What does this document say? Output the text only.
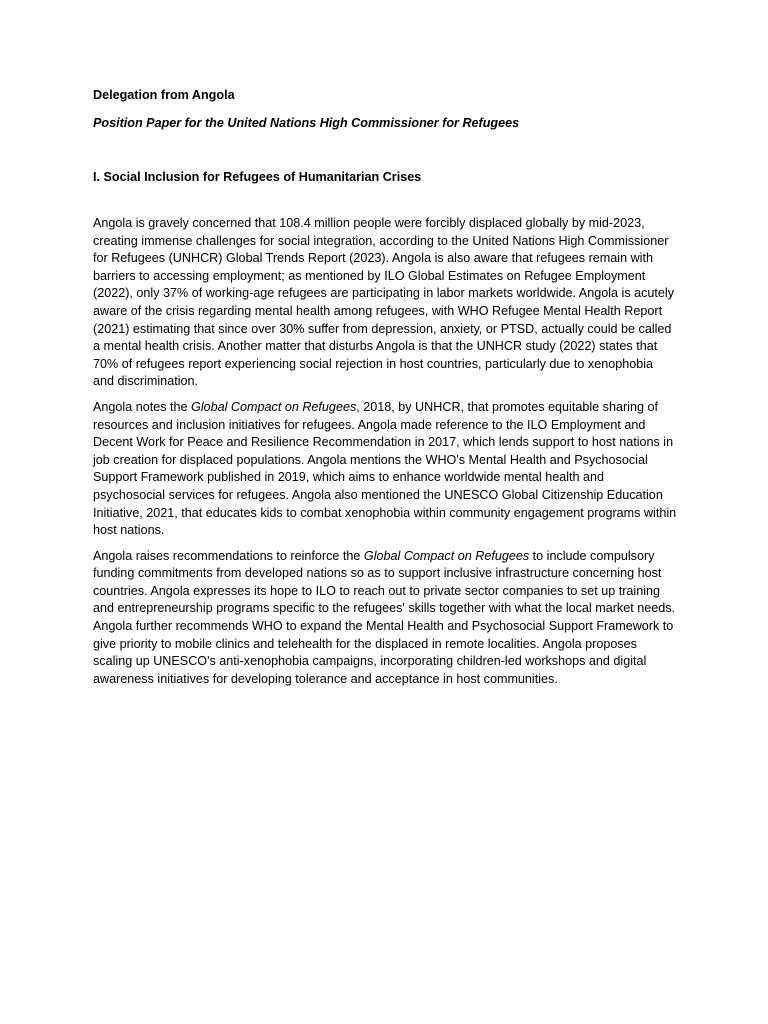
Delegation from Angola

Position Paper for the United Nations High Commissioner for Refugees

I. Social Inclusion for Refugees of Humanitarian Crises

Angola is gravely concerned that 108.4 million people were forcibly displaced globally by mid-2023, creating immense challenges for social integration, according to the United Nations High Commissioner for Refugees (UNHCR) Global Trends Report (2023). Angola is also aware that refugees remain with barriers to accessing employment; as mentioned by ILO Global Estimates on Refugee Employment (2022), only 37% of working-age refugees are participating in labor markets worldwide. Angola is acutely aware of the crisis regarding mental health among refugees, with WHO Refugee Mental Health Report (2021) estimating that since over 30% suffer from depression, anxiety, or PTSD, actually could be called a mental health crisis. Another matter that disturbs Angola is that the UNHCR study (2022) states that 70% of refugees report experiencing social rejection in host countries, particularly due to xenophobia and discrimination.

Angola notes the Global Compact on Refugees, 2018, by UNHCR, that promotes equitable sharing of resources and inclusion initiatives for refugees. Angola made reference to the ILO Employment and Decent Work for Peace and Resilience Recommendation in 2017, which lends support to host nations in job creation for displaced populations. Angola mentions the WHO's Mental Health and Psychosocial Support Framework published in 2019, which aims to enhance worldwide mental health and psychosocial services for refugees. Angola also mentioned the UNESCO Global Citizenship Education Initiative, 2021, that educates kids to combat xenophobia within community engagement programs within host nations.

Angola raises recommendations to reinforce the Global Compact on Refugees to include compulsory funding commitments from developed nations so as to support inclusive infrastructure concerning host countries. Angola expresses its hope to ILO to reach out to private sector companies to set up training and entrepreneurship programs specific to the refugees' skills together with what the local market needs. Angola further recommends WHO to expand the Mental Health and Psychosocial Support Framework to give priority to mobile clinics and telehealth for the displaced in remote localities. Angola proposes scaling up UNESCO's anti-xenophobia campaigns, incorporating children-led workshops and digital awareness initiatives for developing tolerance and acceptance in host communities.
